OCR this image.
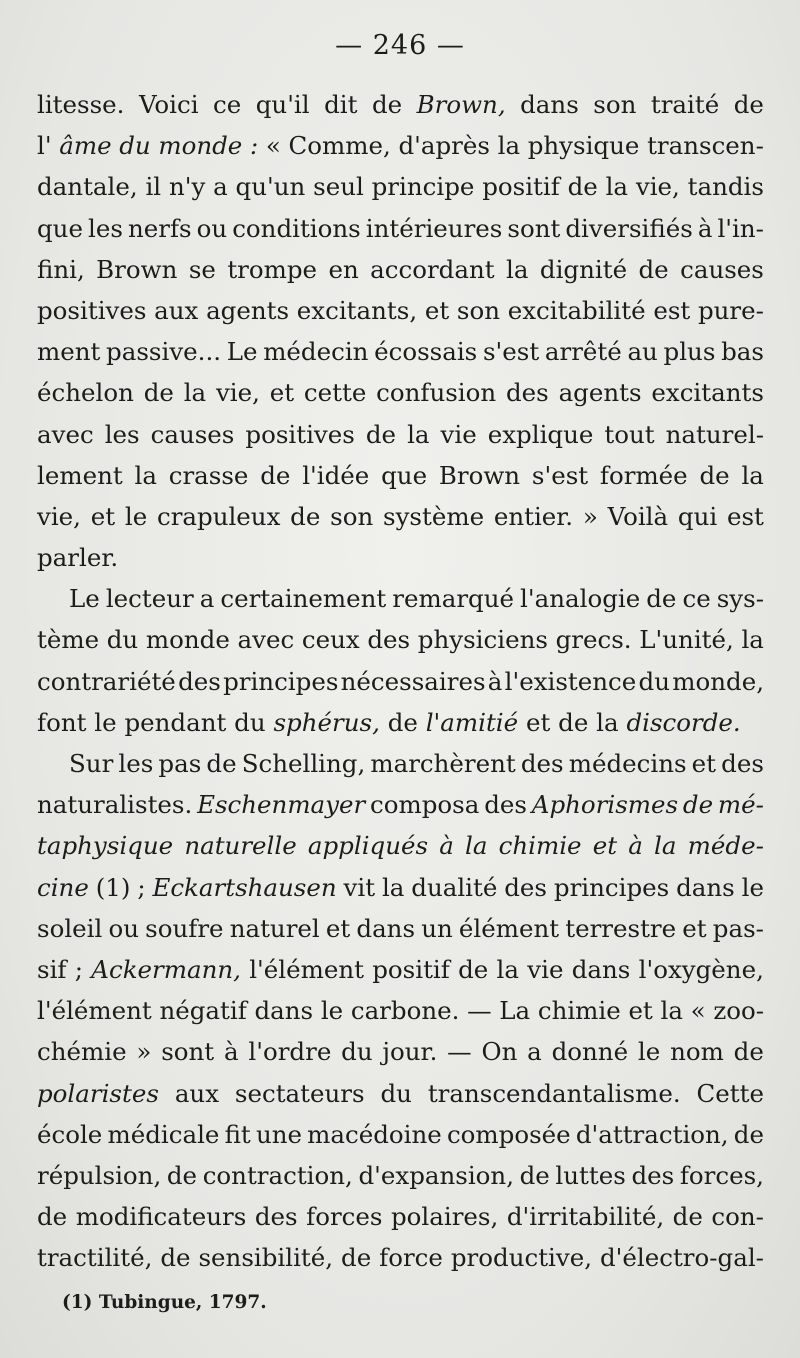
— 246 —
litesse. Voici ce qu'il dit de Brown, dans son traité de
l' âme du monde : « Comme, d'après la physique transcen-
dantale, il n'y a qu'un seul principe positif de la vie, tandis
que les nerfs ou conditions intérieures sont diversifiés à l'in-
fini, Brown se trompe en accordant la dignité de causes
positives aux agents excitants, et son excitabilité est pure-
ment passive... Le médecin écossais s'est arrêté au plus bas
échelon de la vie, et cette confusion des agents excitants
avec les causes positives de la vie explique tout naturel-
lement la crasse de l'idée que Brown s'est formée de la
vie, et le crapuleux de son système entier. » Voilà qui est
parler.
Le lecteur a certainement remarqué l'analogie de ce sys-
tème du monde avec ceux des physiciens grecs. L'unité, la
contrariété des principes nécessaires à l'existence du monde,
font le pendant du sphérus, de l'amitié et de la discorde.
Sur les pas de Schelling, marchèrent des médecins et des
naturalistes. Eschenmayer composa des Aphorismes de mé-
taphysique naturelle appliqués à la chimie et à la méde-
cine (1) ; Eckartshausen vit la dualité des principes dans le
soleil ou soufre naturel et dans un élément terrestre et pas-
sif ; Ackermann, l'élément positif de la vie dans l'oxygène,
l'élément négatif dans le carbone. — La chimie et la « zoo-
chémie » sont à l'ordre du jour. — On a donné le nom de
polaristes aux sectateurs du transcendantalisme. Cette
école médicale fit une macédoine composée d'attraction, de
répulsion, de contraction, d'expansion, de luttes des forces,
de modificateurs des forces polaires, d'irritabilité, de con-
tractilité, de sensibilité, de force productive, d'électro-gal-
(1) Tubingue, 1797.
